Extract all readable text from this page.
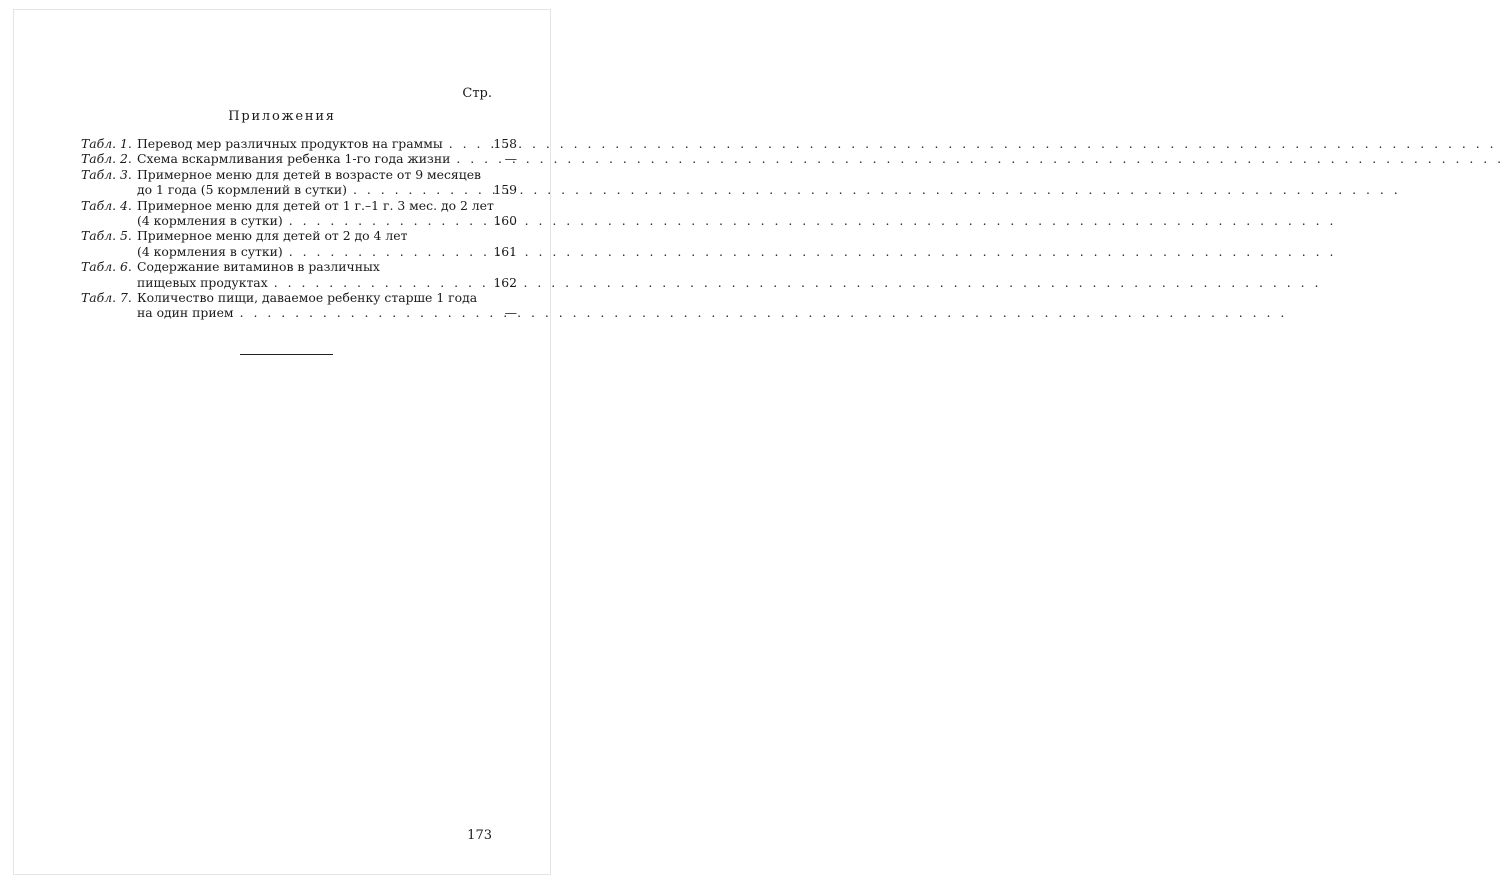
Стр.
Приложения
Табл. 1. Перевод мер различных продуктов на граммы . . .	158
Табл. 2. Схема вскармливания ребенка 1-го года жизни . . .	—
Табл. 3. Примерное меню для детей в возрасте от 9 месяцев
до 1 года (5 кормлений в сутки) . . .	159
Табл. 4. Примерное меню для детей от 1 г.–1 г. 3 мес. до 2 лет
(4 кормления в сутки) . . .	160
Табл. 5. Примерное меню для детей от 2 до 4 лет
(4 кормления в сутки) . . .	161
Табл. 6. Содержание витаминов в различных
пищевых продуктах . . .	162
Табл. 7. Количество пищи, даваемое ребенку старше 1 года
на один прием . . .	—
173
